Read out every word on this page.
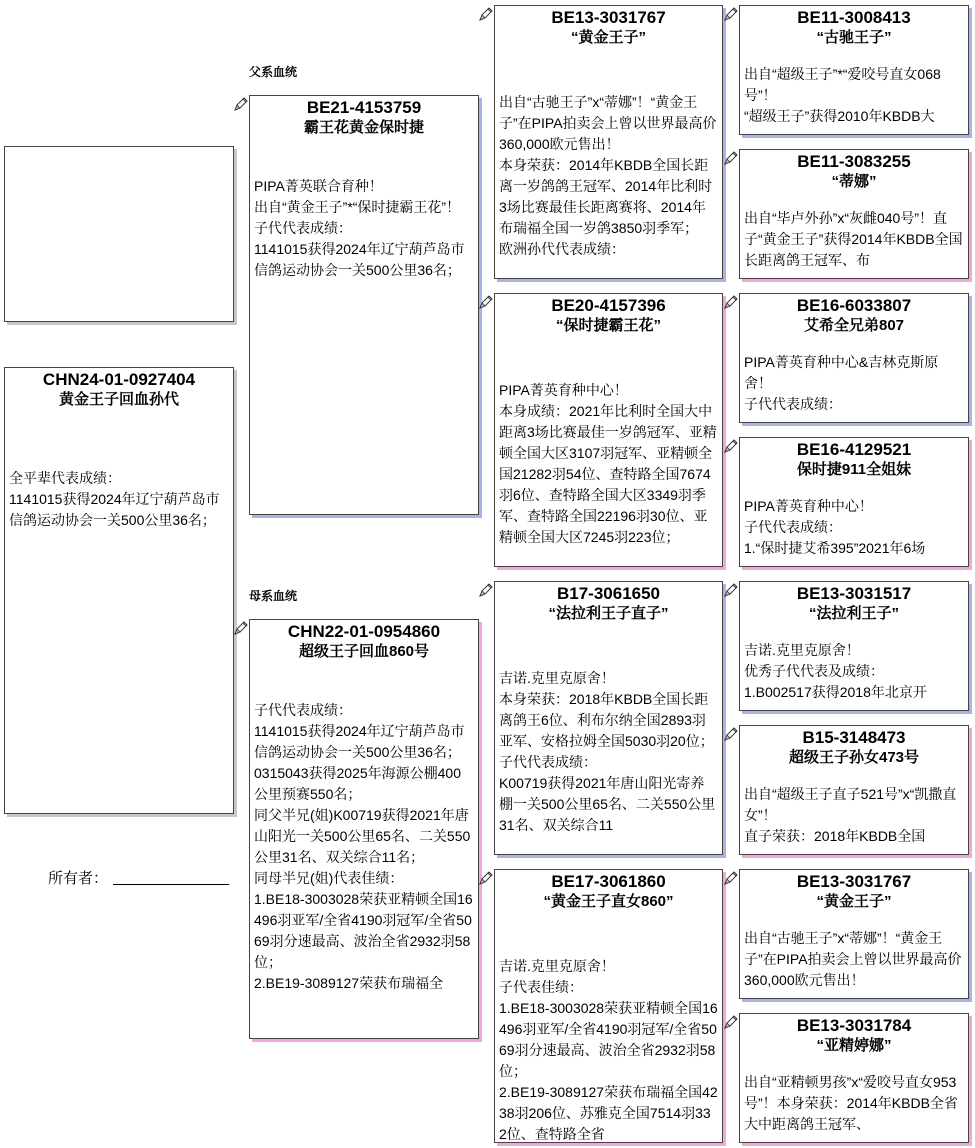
CHN24-01-0927404
黄金王子回血孙代
全平辈代表成绩：
1141015获得2024年辽宁葫芦岛市信鸽运动协会一关500公里36名；
所有者：
父系血统
母系血统
BE21-4153759
霸王花黄金保时捷
PIPA菁英联合育种！
出自“黄金王子”*“保时捷霸王花”！
子代代表成绩：
1141015获得2024年辽宁葫芦岛市信鸽运动协会一关500公里36名；
CHN22-01-0954860
超级王子回血860号
子代代表成绩：
1141015获得2024年辽宁葫芦岛市信鸽运动协会一关500公里36名；
0315043获得2025年海源公棚400公里预赛550名；
同父半兄(姐)K00719获得2021年唐山阳光一关500公里65名、二关550公里31名、双关综合11名；
同母半兄(姐)代表佳绩：
1.BE18-3003028荣获亚精顿全国16496羽亚军/全省4190羽冠军/全省5069羽分速最高、波治全省2932羽58位；
2.BE19-3089127荣获布瑞福全
BE13-3031767
“黄金王子”
出自“古驰王子”x“蒂娜”！“黄金王子”在PIPA拍卖会上曾以世界最高价360,000欧元售出！
本身荣获：2014年KBDB全国长距离一岁鸽鸽王冠军、2014年比利时3场比赛最佳长距离赛将、2014年布瑞福全国一岁鸽3850羽季军；
欧洲孙代代表成绩：
BE20-4157396
“保时捷霸王花”
PIPA菁英育种中心！
本身成绩：2021年比利时全国大中距离3场比赛最佳一岁鸽冠军、亚精顿全国大区3107羽冠军、亚精顿全国21282羽54位、查特路全国7674羽6位、查特路全国大区3349羽季军、查特路全国22196羽30位、亚精顿全国大区7245羽223位；
B17-3061650
“法拉利王子直子”
吉诺.克里克原舍！
本身荣获：2018年KBDB全国长距离鸽王6位、利布尔纳全国2893羽亚军、安格拉姆全国5030羽20位；
子代代表成绩：
K00719获得2021年唐山阳光寄养棚一关500公里65名、二关550公里31名、双关综合11
BE17-3061860
“黄金王子直女860”
吉诺.克里克原舍！
子代表佳绩：
1.BE18-3003028荣获亚精顿全国16496羽亚军/全省4190羽冠军/全省5069羽分速最高、波治全省2932羽58位；
2.BE19-3089127荣获布瑞福全国4238羽206位、苏雅克全国7514羽332位、查特路全省
BE11-3008413
“古驰王子”
出自“超级王子”*“爱咬号直女068号”！
“超级王子”获得2010年KBDB大
BE11-3083255
“蒂娜”
出自“毕卢外孙”x“灰雌040号”！直子“黄金王子”获得2014年KBDB全国长距离鸽王冠军、布
BE16-6033807
艾希全兄弟807
PIPA菁英育种中心&吉林克斯原舍！
子代代表成绩：
BE16-4129521
保时捷911全姐妹
PIPA菁英育种中心！
子代代表成绩：
1.“保时捷艾希395”2021年6场
BE13-3031517
“法拉利王子”
吉诺.克里克原舍！
优秀子代代表及成绩：
1.B002517获得2018年北京开
B15-3148473
超级王子孙女473号
出自“超级王子直子521号”x“凯撒直女”！
直子荣获：2018年KBDB全国
BE13-3031767
“黄金王子”
出自“古驰王子”x“蒂娜”！“黄金王子”在PIPA拍卖会上曾以世界最高价360,000欧元售出！
BE13-3031784
“亚精婷娜”
出自“亚精顿男孩”x“爱咬号直女953号”！本身荣获：2014年KBDB全省大中距离鸽王冠军、
